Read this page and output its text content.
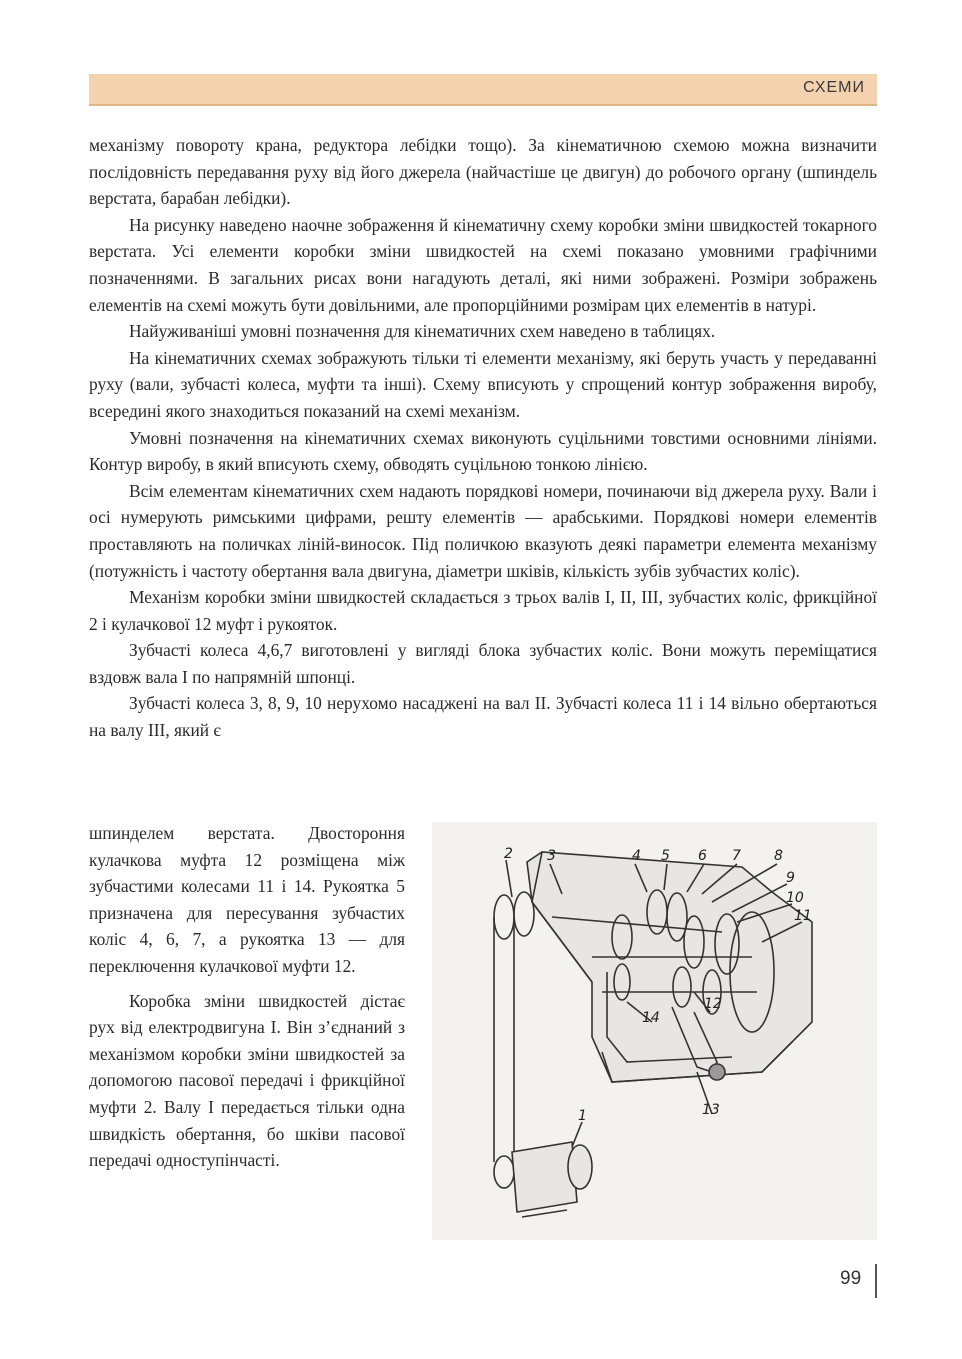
СХЕМИ

механізму повороту крана, редуктора лебідки тощо). За кінематичною схемою можна визначити послідовність передавання руху від його джерела (найчастіше це двигун) до робочого органу (шпиндель верстата, барабан лебідки).

На рисунку наведено наочне зображення й кінематичну схему коробки зміни швидкостей токарного верстата. Усі елементи коробки зміни швидкостей на схемі показано умовними графічними позначеннями. В загальних рисах вони нагадують деталі, які ними зображені. Розміри зображень елементів на схемі можуть бути довільними, але пропорційними розмірам цих елементів в натурі.

Найуживаніші умовні позначення для кінематичних схем наведено в таблицях.

На кінематичних схемах зображують тільки ті елементи механізму, які беруть участь у передаванні руху (вали, зубчасті колеса, муфти та інші). Схему вписують у спрощений контур зображення виробу, всередині якого знаходиться показаний на схемі механізм.

Умовні позначення на кінематичних схемах виконують суцільними товстими основними лініями. Контур виробу, в який вписують схему, обводять суцільною тонкою лінією.

Всім елементам кінематичних схем надають порядкові номери, починаючи від джерела руху. Вали і осі нумерують римськими цифрами, решту елементів — арабськими. Порядкові номери елементів проставляють на поличках ліній-виносок. Під поличкою вказують деякі параметри елемента механізму (потужність і частоту обертання вала двигуна, діаметри шківів, кількість зубів зубчастих коліс).

Механізм коробки зміни швидкостей складається з трьох валів І, ІІ, ІІІ, зубчастих коліс, фрикційної 2 і кулачкової 12 муфт і рукояток.

Зубчасті колеса 4,6,7 виготовлені у вигляді блока зубчастих коліс. Вони можуть переміщатися вздовж вала І по напрямній шпонці.

Зубчасті колеса 3, 8, 9, 10 нерухомо насаджені на вал ІІ. Зубчасті колеса 11 і 14 вільно обертаються на валу ІІІ, який є

шпинделем верстата. Двостороння кулачкова муфта 12 розміщена між зубчастими колесами 11 і 14. Рукоятка 5 призначена для пересування зубчастих коліс 4, 6, 7, а рукоятка 13 — для переключення кулачкової муфти 12.

Коробка зміни швидкостей дістає рух від електродвигуна І. Він з’єднаний з механізмом коробки зміни швидкостей за допомогою пасової передачі і фрикційної муфти 2. Валу І передається тільки одна швидкість обертання, бо шківи пасової передачі одноступінчасті.

2 3	4 5 6 7 8
9
10
11
12
13
14
1
99
